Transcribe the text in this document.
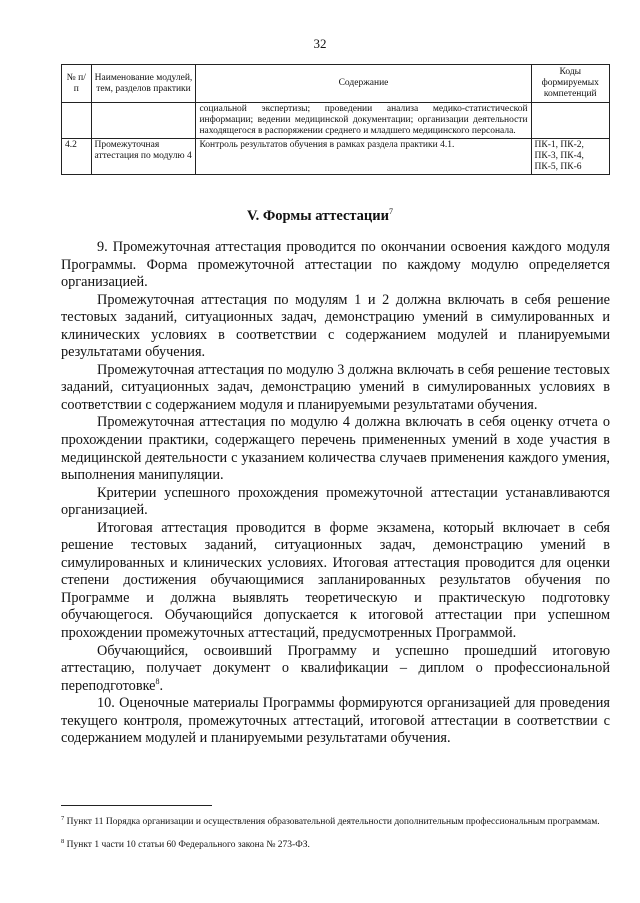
32
№ п/п	Наименование модулей, тем, разделов практики	Содержание	Коды формируемых компетенций
		социальной экспертизы; проведении анализа медико-статистической информации; ведении медицинской документации; организации деятельности находящегося в распоряжении среднего и младшего медицинского персонала.	
4.2	Промежуточная аттестация по модулю 4	Контроль результатов обучения в рамках раздела практики 4.1.	ПК-1, ПК-2, ПК-3, ПК-4, ПК-5, ПК-6
V. Формы аттестации$^7$

9. Промежуточная аттестация проводится по окончании освоения каждого модуля Программы. Форма промежуточной аттестации по каждому модулю определяется организацией.

Промежуточная аттестация по модулям 1 и 2 должна включать в себя решение тестовых заданий, ситуационных задач, демонстрацию умений в симулированных и клинических условиях в соответствии с содержанием модулей и планируемыми результатами обучения.

Промежуточная аттестация по модулю 3 должна включать в себя решение тестовых заданий, ситуационных задач, демонстрацию умений в симулированных условиях в соответствии с содержанием модуля и планируемыми результатами обучения.

Промежуточная аттестация по модулю 4 должна включать в себя оценку отчета о прохождении практики, содержащего перечень примененных умений в ходе участия в медицинской деятельности с указанием количества случаев применения каждого умения, выполнения манипуляции.

Критерии успешного прохождения промежуточной аттестации устанавливаются организацией.

Итоговая аттестация проводится в форме экзамена, который включает в себя решение тестовых заданий, ситуационных задач, демонстрацию умений в симулированных и клинических условиях. Итоговая аттестация проводится для оценки степени достижения обучающимися запланированных результатов обучения по Программе и должна выявлять теоретическую и практическую подготовку обучающегося. Обучающийся допускается к итоговой аттестации при успешном прохождении промежуточных аттестаций, предусмотренных Программой.

Обучающийся, освоивший Программу и успешно прошедший итоговую аттестацию, получает документ о квалификации – диплом о профессиональной переподготовке$^8$.

10. Оценочные материалы Программы формируются организацией для проведения текущего контроля, промежуточных аттестаций, итоговой аттестации в соответствии с содержанием модулей и планируемыми результатами обучения.

$^7$ Пункт 11 Порядка организации и осуществления образовательной деятельности дополнительным профессиональным программам.
$^8$ Пункт 1 части 10 статьи 60 Федерального закона № 273-ФЗ.
